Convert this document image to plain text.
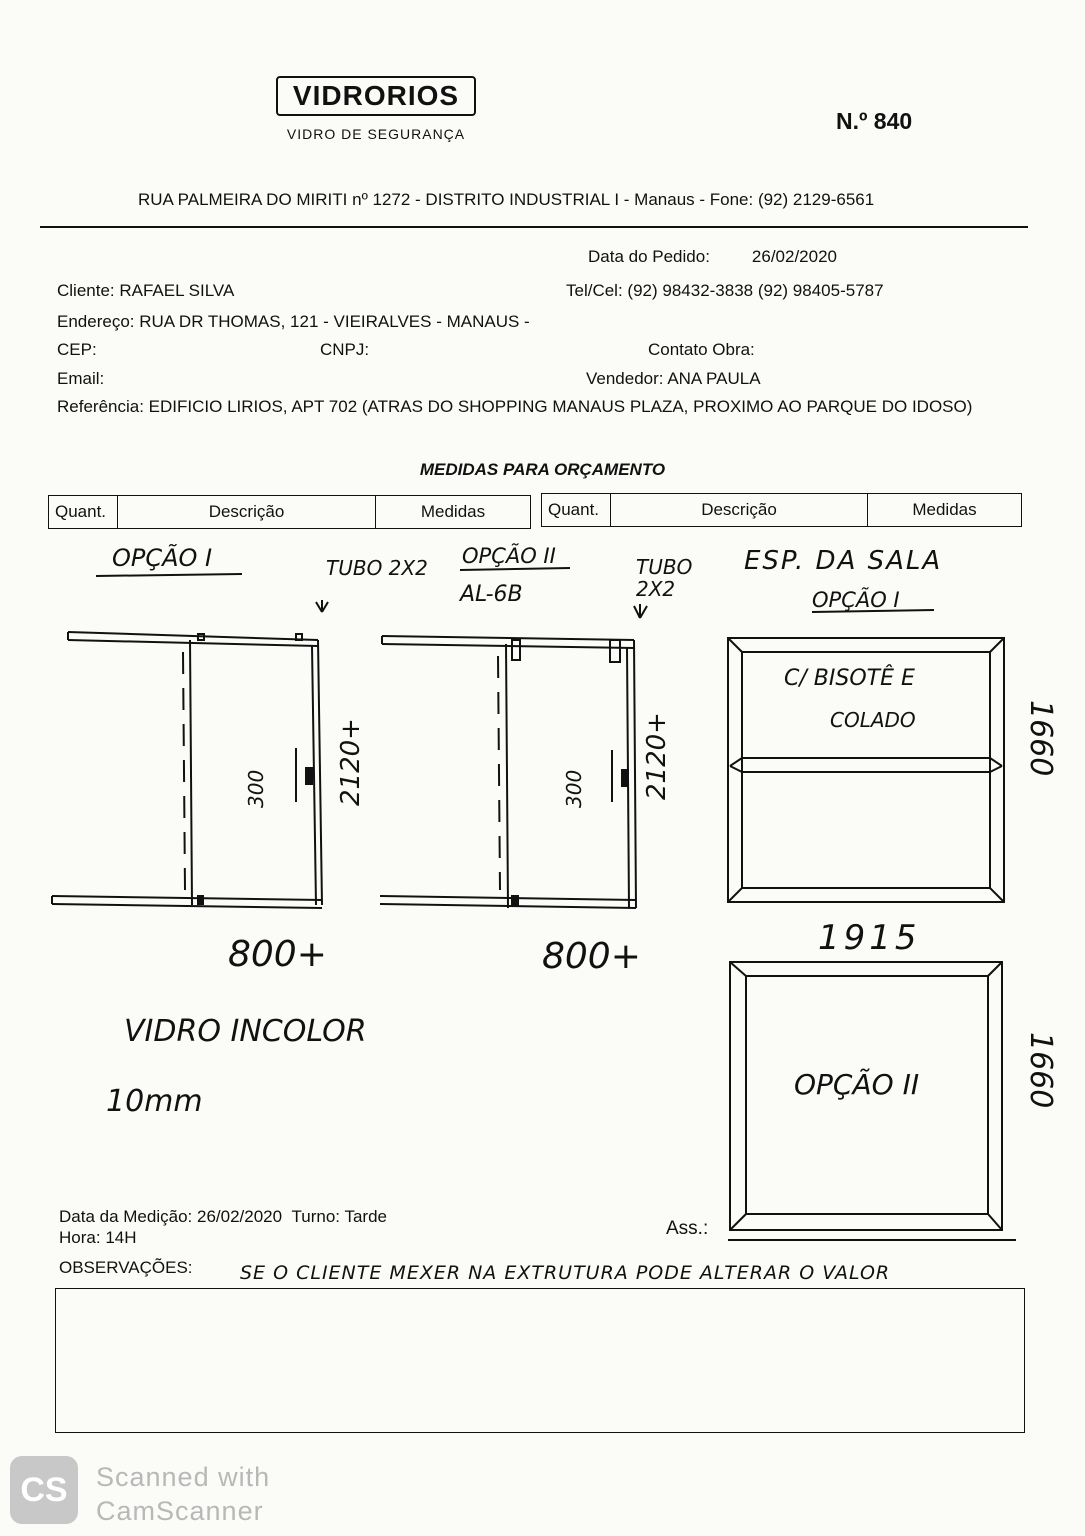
VIDRORIOS
VIDRO DE SEGURANÇA	N.º 840
RUA PALMEIRA DO MIRITI nº 1272 - DISTRITO INDUSTRIAL I - Manaus - Fone: (92) 2129-6561
Data do Pedido: 26/02/2020
Cliente: RAFAEL SILVA	Tel/Cel: (92) 98432-3838 (92) 98405-5787
Endereço: RUA DR THOMAS, 121 - VIEIRALVES - MANAUS -
CEP:	CNPJ:	Contato Obra:
Email:	Vendedor: ANA PAULA
Referência: EDIFICIO LIRIOS, APT 702 (ATRAS DO SHOPPING MANAUS PLAZA, PROXIMO AO PARQUE DO IDOSO)
MEDIDAS PARA ORÇAMENTO
Quant.	Descrição	Medidas	Quant.	Descrição	Medidas
OPÇÃO I	TUBO 2X2 OPÇÃO II
AL-6B
TUBO 2X2
ESP. DA SALA
OPÇÃO I
C/ BISOTÊ E
COLADO
300	2120+	300 2120+	1660
800+	800+	1915
OPÇÃO II	1660
VIDRO INCOLOR
10mm
Data da Medição: 26/02/2020 Turno: Tarde
Hora: 14H	Ass.:
OBSERVAÇÕES: SE O CLIENTE MEXER NA EXTRUTURA PODE ALTERAR O VALOR
CS	Scanned with
CamScanner
